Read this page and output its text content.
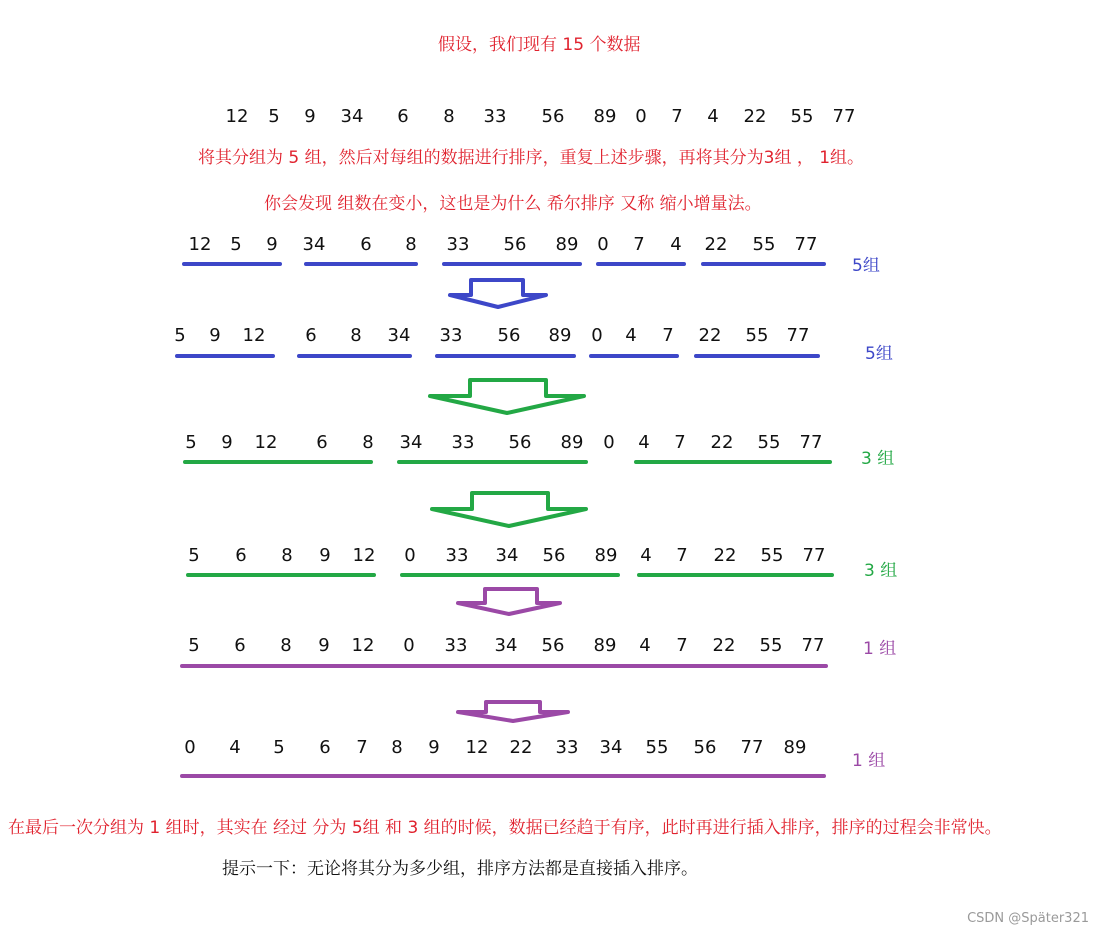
假设，我们现有 15 个数据
将其分组为 5 组，然后对每组的数据进行排序，重复上述步骤，再将其分为3组 ， 1组。
你会发现 组数在变小，这也是为什么 希尔排序 又称 缩小增量法。
在最后一次分组为 1 组时，其实在 经过 分为 5组 和 3 组的时候，数据已经趋于有序，此时再进行插入排序，排序的过程会非常快。
提示一下：无论将其分为多少组，排序方法都是直接插入排序。
CSDN @Später321
12 5 9 34 6 8 33 56 89 0 7 4 22 55 77
12 5 9 34 6 8 33 56 89 0 7 4 22 55 77
5组
5 9 12 6 8 34 33 56 89 0 4 7 22 55 77
5组
5 9 12 6 8 34 33 56 89 0 4 7 22 55 77
3 组
5 6 8 9 12 0 33 34 56 89 4 7 22 55 77
3 组
5 6 8 9 12 0 33 34 56 89 4 7 22 55 77 1 组
0 4 5 6 7 8 9 12 22 33 34 55 56 77 89
1 组
